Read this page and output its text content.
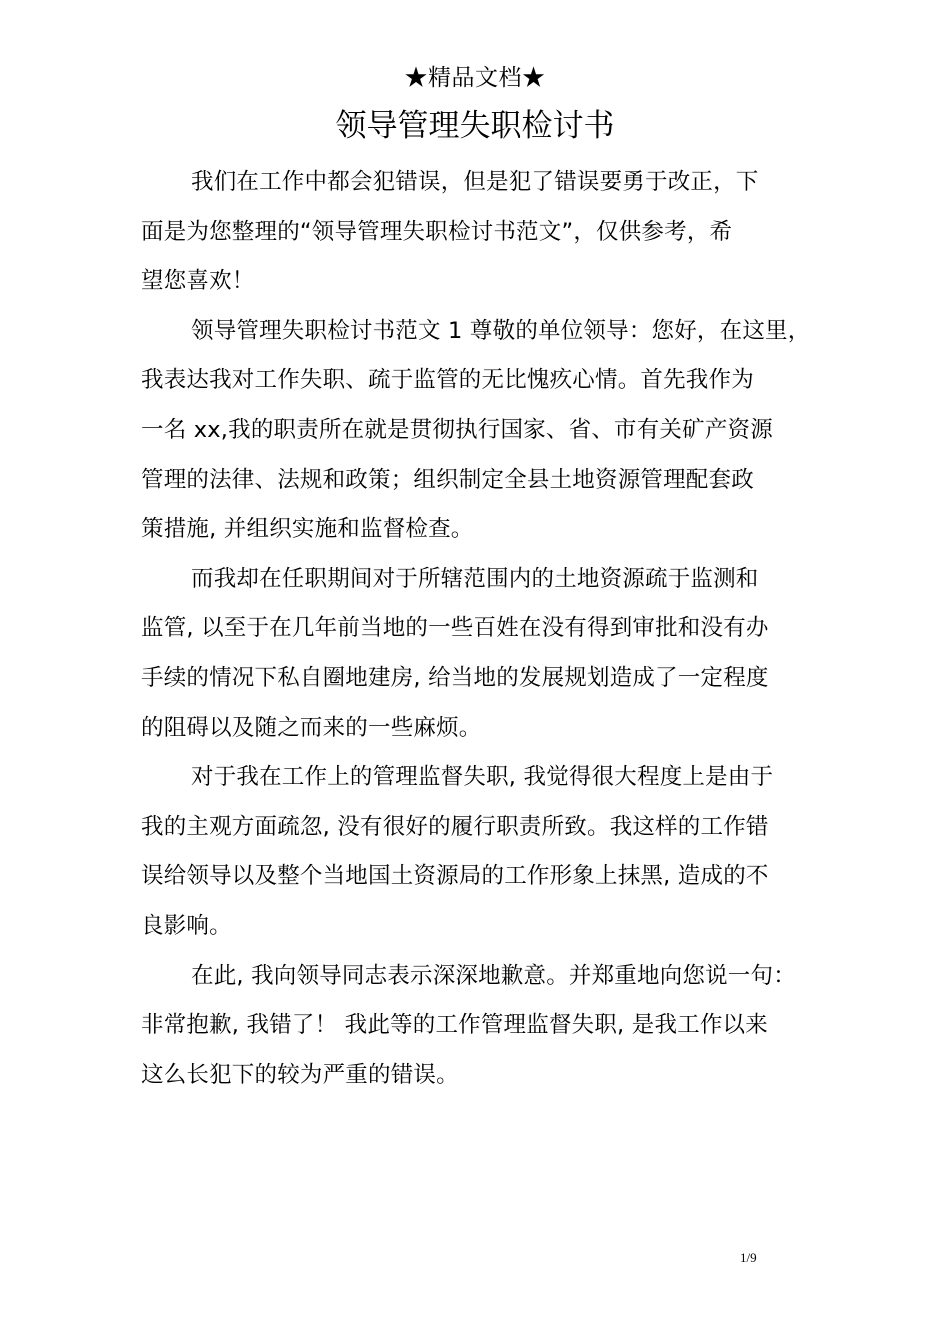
★精品文档★
领导管理失职检讨书
我们在工作中都会犯错误，但是犯了错误要勇于改正，下
面是为您整理的“领导管理失职检讨书范文”，仅供参考，希
望您喜欢！
领导管理失职检讨书范文 1 尊敬的单位领导：您好，在这里，
我表达我对工作失职、疏于监管的无比愧疚心情。首先我作为
一名 xx,我的职责所在就是贯彻执行国家、省、市有关矿产资源
管理的法律、法规和政策；组织制定全县土地资源管理配套政
策措施, 并组织实施和监督检查。
而我却在任职期间对于所辖范围内的土地资源疏于监测和
监管, 以至于在几年前当地的一些百姓在没有得到审批和没有办
手续的情况下私自圈地建房, 给当地的发展规划造成了一定程度
的阻碍以及随之而来的一些麻烦。
对于我在工作上的管理监督失职, 我觉得很大程度上是由于
我的主观方面疏忽, 没有很好的履行职责所致。我这样的工作错
误给领导以及整个当地国土资源局的工作形象上抹黑, 造成的不
良影响。
在此, 我向领导同志表示深深地歉意。并郑重地向您说一句：
非常抱歉, 我错了！ 我此等的工作管理监督失职, 是我工作以来
这么长犯下的较为严重的错误。
1/9
